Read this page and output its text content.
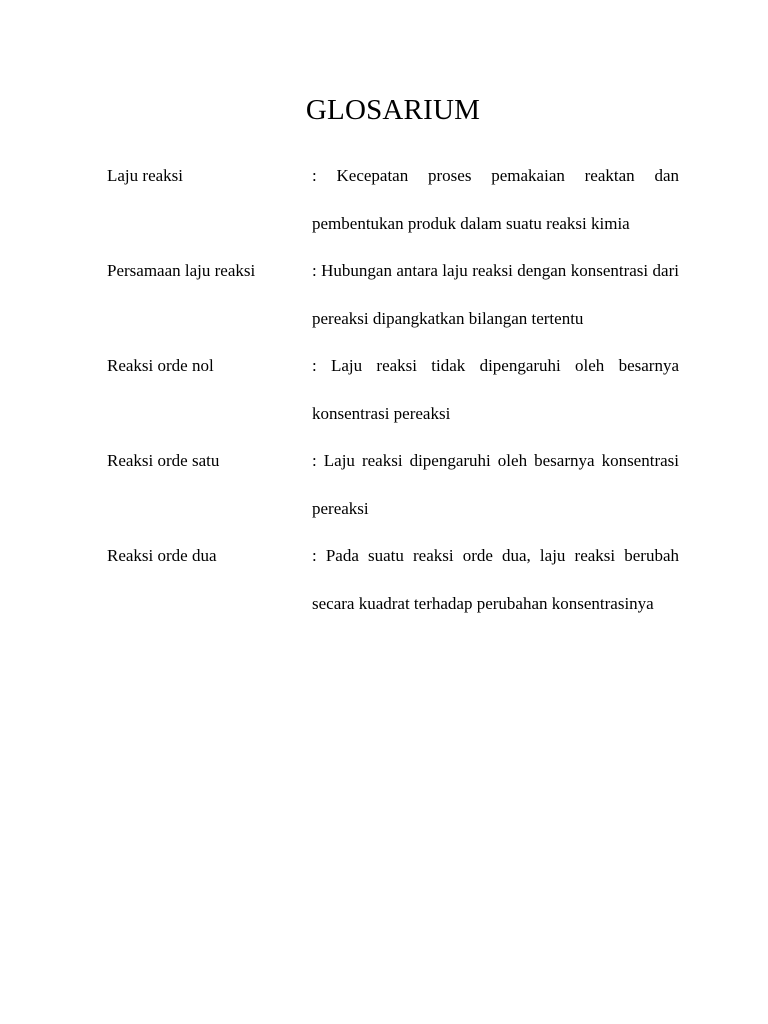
GLOSARIUM
Laju reaksi	: Kecepatan proses pemakaian reaktan dan pembentukan produk dalam suatu reaksi kimia
Persamaan laju reaksi	: Hubungan antara laju reaksi dengan konsentrasi dari pereaksi dipangkatkan bilangan tertentu
Reaksi orde nol	: Laju reaksi tidak dipengaruhi oleh besarnya konsentrasi pereaksi
Reaksi orde satu	: Laju reaksi dipengaruhi oleh besarnya konsentrasi pereaksi
Reaksi orde dua	: Pada suatu reaksi orde dua, laju reaksi berubah secara kuadrat terhadap perubahan konsentrasinya
